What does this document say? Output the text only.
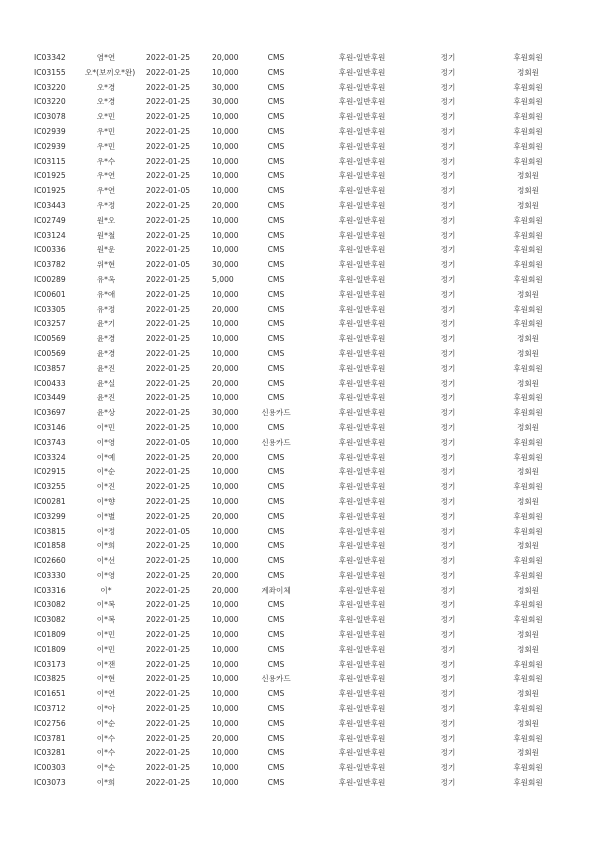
IC03342	염*연	2022-01-25	20,000	CMS	후원-일반후원	정기	후원회원
IC03155	오*(보끼오*완) 2022-01-25	10,000	CMS	후원-일반후원	정기	정회원
IC03220	오*경	2022-01-25	30,000	CMS	후원-일반후원	정기	후원회원
IC03220	오*경	2022-01-25	30,000	CMS	후원-일반후원	정기	후원회원
IC03078	오*민	2022-01-25	10,000	CMS	후원-일반후원	정기	후원회원
IC02939	우*민	2022-01-25	10,000	CMS	후원-일반후원	정기	후원회원
IC02939	우*민	2022-01-25	10,000	CMS	후원-일반후원	정기	후원회원
IC03115	우*수	2022-01-25	10,000	CMS	후원-일반후원	정기	후원회원
IC01925	우*연	2022-01-25	10,000	CMS	후원-일반후원	정기	정회원
IC01925	우*연	2022-01-05	10,000	CMS	후원-일반후원	정기	정회원
IC03443	우*정	2022-01-25	20,000	CMS	후원-일반후원	정기	정회원
IC02749	원*오	2022-01-25	10,000	CMS	후원-일반후원	정기	후원회원
IC03124	원*철	2022-01-25	10,000	CMS	후원-일반후원	정기	후원회원
IC00336	원*운	2022-01-25	10,000	CMS	후원-일반후원	정기	후원회원
IC03782	위*현	2022-01-05	30,000	CMS	후원-일반후원	정기	후원회원
IC00289	유*옥	2022-01-25	5,000	CMS	후원-일반후원	정기	후원회원
IC00601	유*애	2022-01-25	10,000	CMS	후원-일반후원	정기	정회원
IC03305	유*정	2022-01-25	20,000	CMS	후원-일반후원	정기	후원회원
IC03257	윤*기	2022-01-25	10,000	CMS	후원-일반후원	정기	후원회원
IC00569	윤*경	2022-01-25	10,000	CMS	후원-일반후원	정기	정회원
IC00569	윤*경	2022-01-25	10,000	CMS	후원-일반후원	정기	정회원
IC03857	윤*진	2022-01-25	20,000	CMS	후원-일반후원	정기	후원회원
IC00433	윤*실	2022-01-25	20,000	CMS	후원-일반후원	정기	정회원
IC03449	윤*진	2022-01-25	10,000	CMS	후원-일반후원	정기	후원회원
IC03697	윤*상	2022-01-25	30,000	신용카드	후원-일반후원	정기	후원회원
IC03146	이*민	2022-01-25	10,000	CMS	후원-일반후원	정기	정회원
IC03743	이*영	2022-01-05	10,000	신용카드	후원-일반후원	정기	후원회원
IC03324	이*예	2022-01-25	20,000	CMS	후원-일반후원	정기	후원회원
IC02915	이*순	2022-01-25	10,000	CMS	후원-일반후원	정기	정회원
IC03255	이*진	2022-01-25	10,000	CMS	후원-일반후원	정기	후원회원
IC00281	이*향	2022-01-25	10,000	CMS	후원-일반후원	정기	정회원
IC03299	이*별	2022-01-25	20,000	CMS	후원-일반후원	정기	후원회원
IC03815	이*정	2022-01-05	10,000	CMS	후원-일반후원	정기	후원회원
IC01858	이*희	2022-01-25	10,000	CMS	후원-일반후원	정기	정회원
IC02660	이*선	2022-01-25	10,000	CMS	후원-일반후원	정기	후원회원
IC03330	이*영	2022-01-25	20,000	CMS	후원-일반후원	정기	후원회원
IC03316	이*	2022-01-25	20,000	계좌이체	후원-일반후원	정기	정회원
IC03082	이*복	2022-01-25	10,000	CMS	후원-일반후원	정기	후원회원
IC03082	이*복	2022-01-25	10,000	CMS	후원-일반후원	정기	후원회원
IC01809	이*민	2022-01-25	10,000	CMS	후원-일반후원	정기	정회원
IC01809	이*민	2022-01-25	10,000	CMS	후원-일반후원	정기	정회원
IC03173	이*잰	2022-01-25	10,000	CMS	후원-일반후원	정기	후원회원
IC03825	이*현	2022-01-25	10,000	신용카드	후원-일반후원	정기	후원회원
IC01651	이*연	2022-01-25	10,000	CMS	후원-일반후원	정기	정회원
IC03712	이*아	2022-01-25	10,000	CMS	후원-일반후원	정기	후원회원
IC02756	이*순	2022-01-25	10,000	CMS	후원-일반후원	정기	정회원
IC03781	이*수	2022-01-25	20,000	CMS	후원-일반후원	정기	후원회원
IC03281	이*수	2022-01-25	10,000	CMS	후원-일반후원	정기	정회원
IC00303	이*순	2022-01-25	10,000	CMS	후원-일반후원	정기	후원회원
IC03073	이*희	2022-01-25	10,000	CMS	후원-일반후원	정기	후원회원
